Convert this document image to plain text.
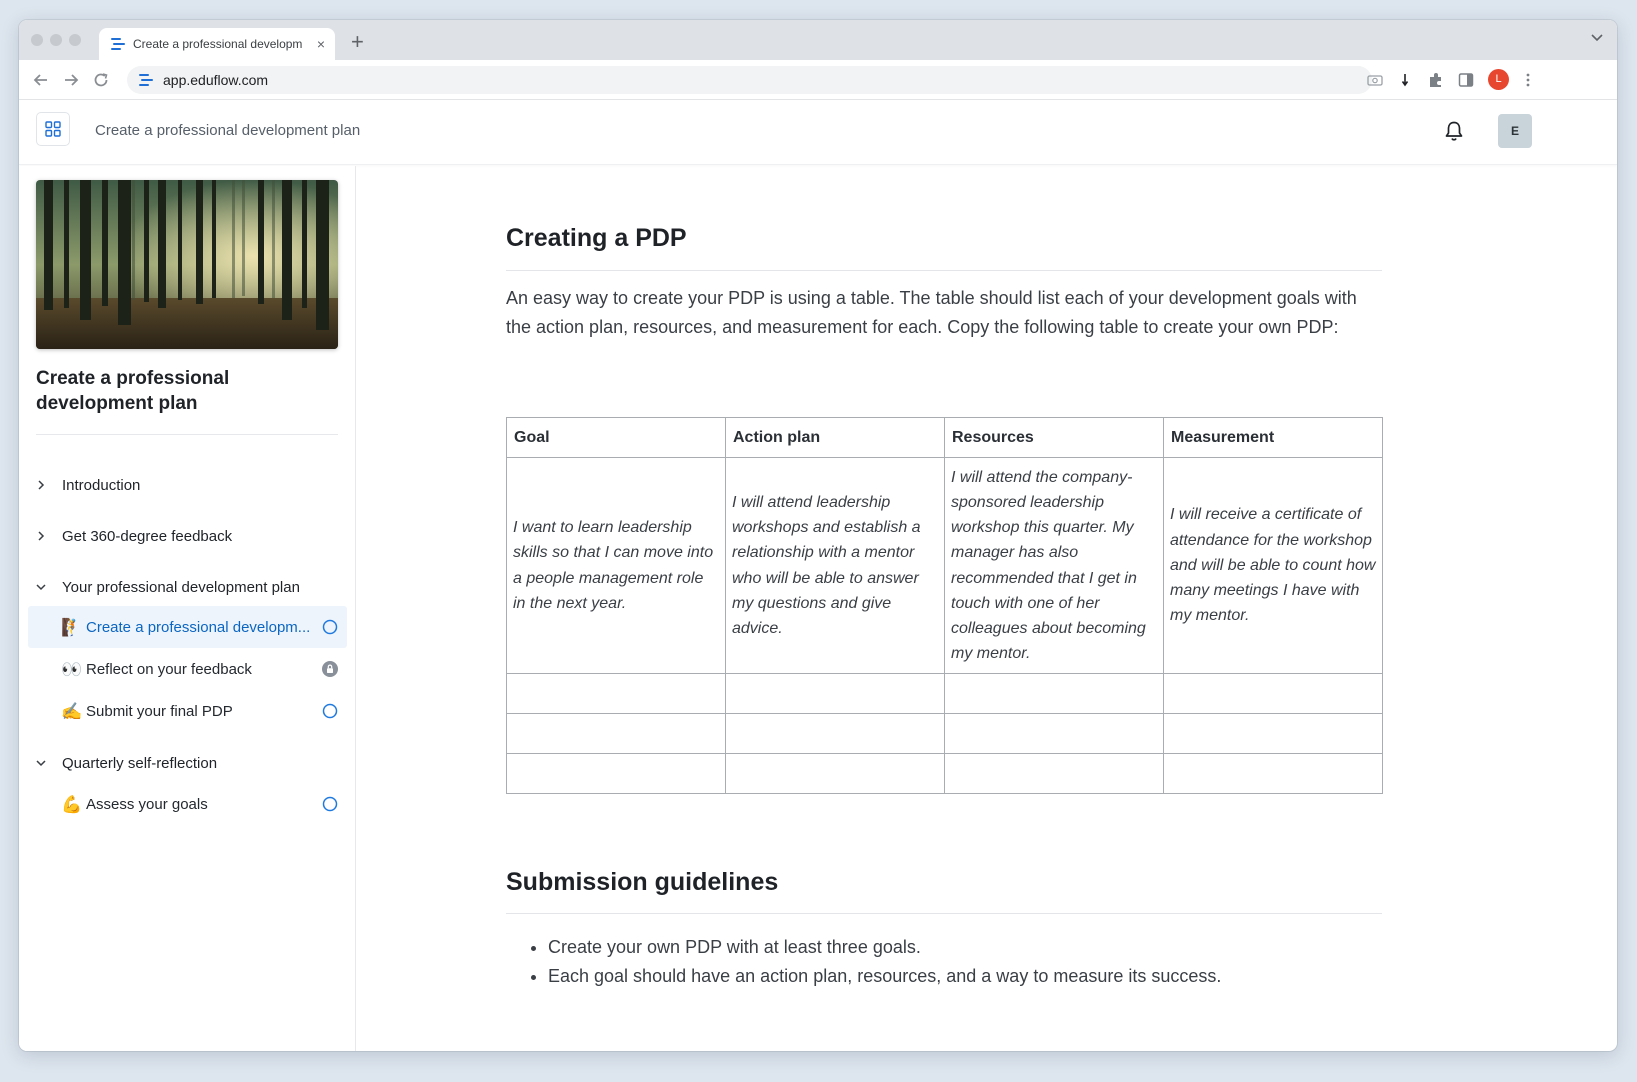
Create a professional developm	× +
app.eduflow.com	L
Create a professional development plan	E
Create a professional development plan
Introduction
Get 360-degree feedback
Your professional development plan
🧗 Create a professional developm...
👀 Reflect on your feedback
✍️ Submit your final PDP
Quarterly self-reflection
💪 Assess your goals
Creating a PDP

An easy way to create your PDP is using a table. The table should list each of your development goals with the action plan, resources, and measurement for each. Copy the following table to create your own PDP:

Goal	Action plan	Resources	Measurement
I want to learn leadership skills so that I can move into a people management role in the next year.	I will attend leadership workshops and establish a relationship with a mentor who will be able to answer my questions and give advice.	I will attend the company-sponsored leadership workshop this quarter. My manager has also recommended that I get in touch with one of her colleagues about becoming my mentor.	I will receive a certificate of attendance for the workshop and will be able to count how many meetings I have with my mentor.

Submission guidelines
• Create your own PDP with at least three goals.
• Each goal should have an action plan, resources, and a way to measure its success.
